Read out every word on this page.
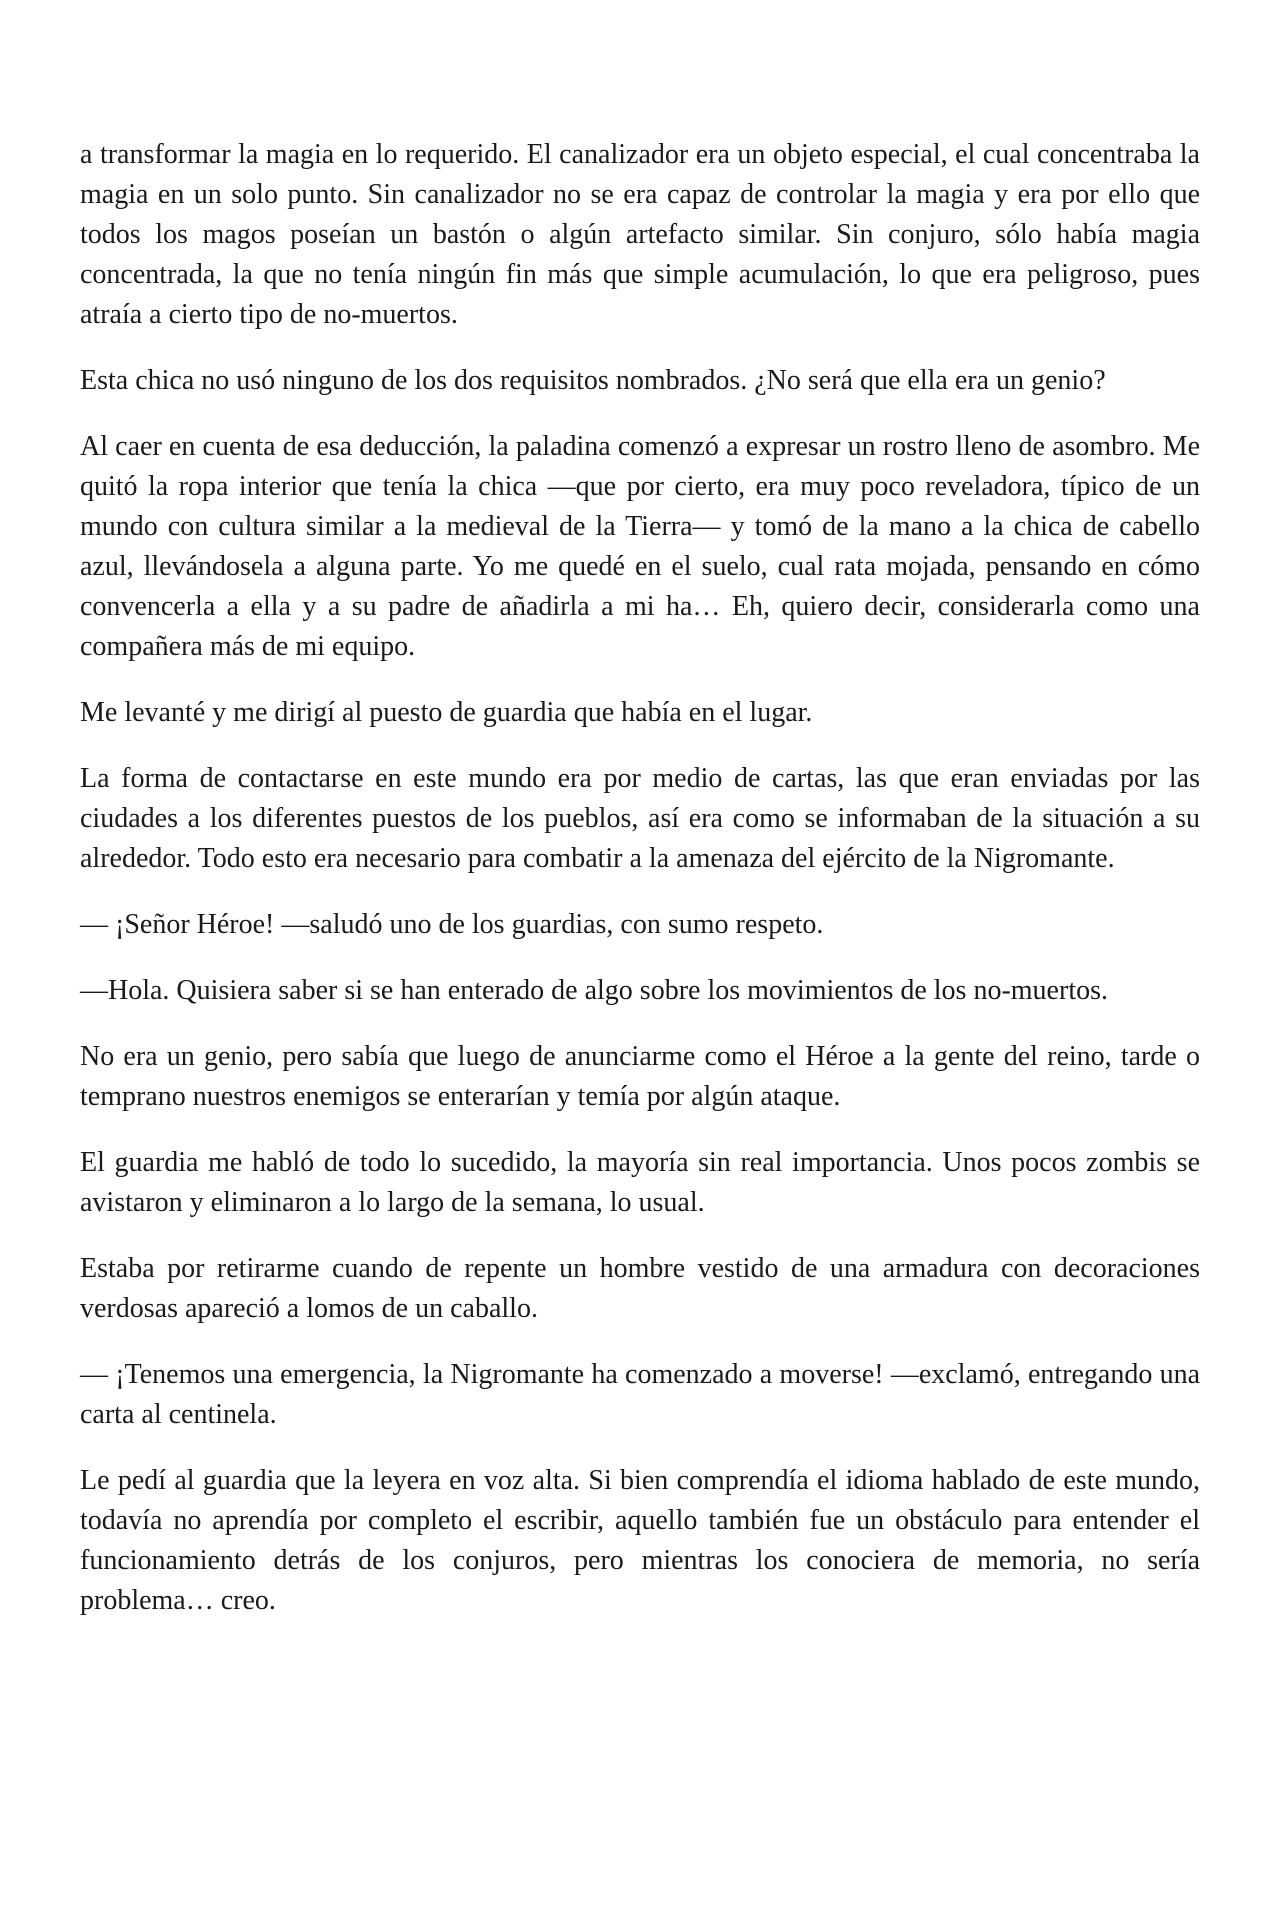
a transformar la magia en lo requerido. El canalizador era un objeto especial, el cual concentraba la magia en un solo punto. Sin canalizador no se era capaz de controlar la magia y era por ello que todos los magos poseían un bastón o algún artefacto similar. Sin conjuro, sólo había magia concentrada, la que no tenía ningún fin más que simple acumulación, lo que era peligroso, pues atraía a cierto tipo de no-muertos.

Esta chica no usó ninguno de los dos requisitos nombrados. ¿No será que ella era un genio?

Al caer en cuenta de esa deducción, la paladina comenzó a expresar un rostro lleno de asombro. Me quitó la ropa interior que tenía la chica —que por cierto, era muy poco reveladora, típico de un mundo con cultura similar a la medieval de la Tierra— y tomó de la mano a la chica de cabello azul, llevándosela a alguna parte. Yo me quedé en el suelo, cual rata mojada, pensando en cómo convencerla a ella y a su padre de añadirla a mi ha… Eh, quiero decir, considerarla como una compañera más de mi equipo.

Me levanté y me dirigí al puesto de guardia que había en el lugar.

La forma de contactarse en este mundo era por medio de cartas, las que eran enviadas por las ciudades a los diferentes puestos de los pueblos, así era como se informaban de la situación a su alrededor. Todo esto era necesario para combatir a la amenaza del ejército de la Nigromante.

— ¡Señor Héroe! —saludó uno de los guardias, con sumo respeto.

—Hola. Quisiera saber si se han enterado de algo sobre los movimientos de los no-muertos.

No era un genio, pero sabía que luego de anunciarme como el Héroe a la gente del reino, tarde o temprano nuestros enemigos se enterarían y temía por algún ataque.

El guardia me habló de todo lo sucedido, la mayoría sin real importancia. Unos pocos zombis se avistaron y eliminaron a lo largo de la semana, lo usual.

Estaba por retirarme cuando de repente un hombre vestido de una armadura con decoraciones verdosas apareció a lomos de un caballo.

— ¡Tenemos una emergencia, la Nigromante ha comenzado a moverse! —exclamó, entregando una carta al centinela.

Le pedí al guardia que la leyera en voz alta. Si bien comprendía el idioma hablado de este mundo, todavía no aprendía por completo el escribir, aquello también fue un obstáculo para entender el funcionamiento detrás de los conjuros, pero mientras los conociera de memoria, no sería problema… creo.
